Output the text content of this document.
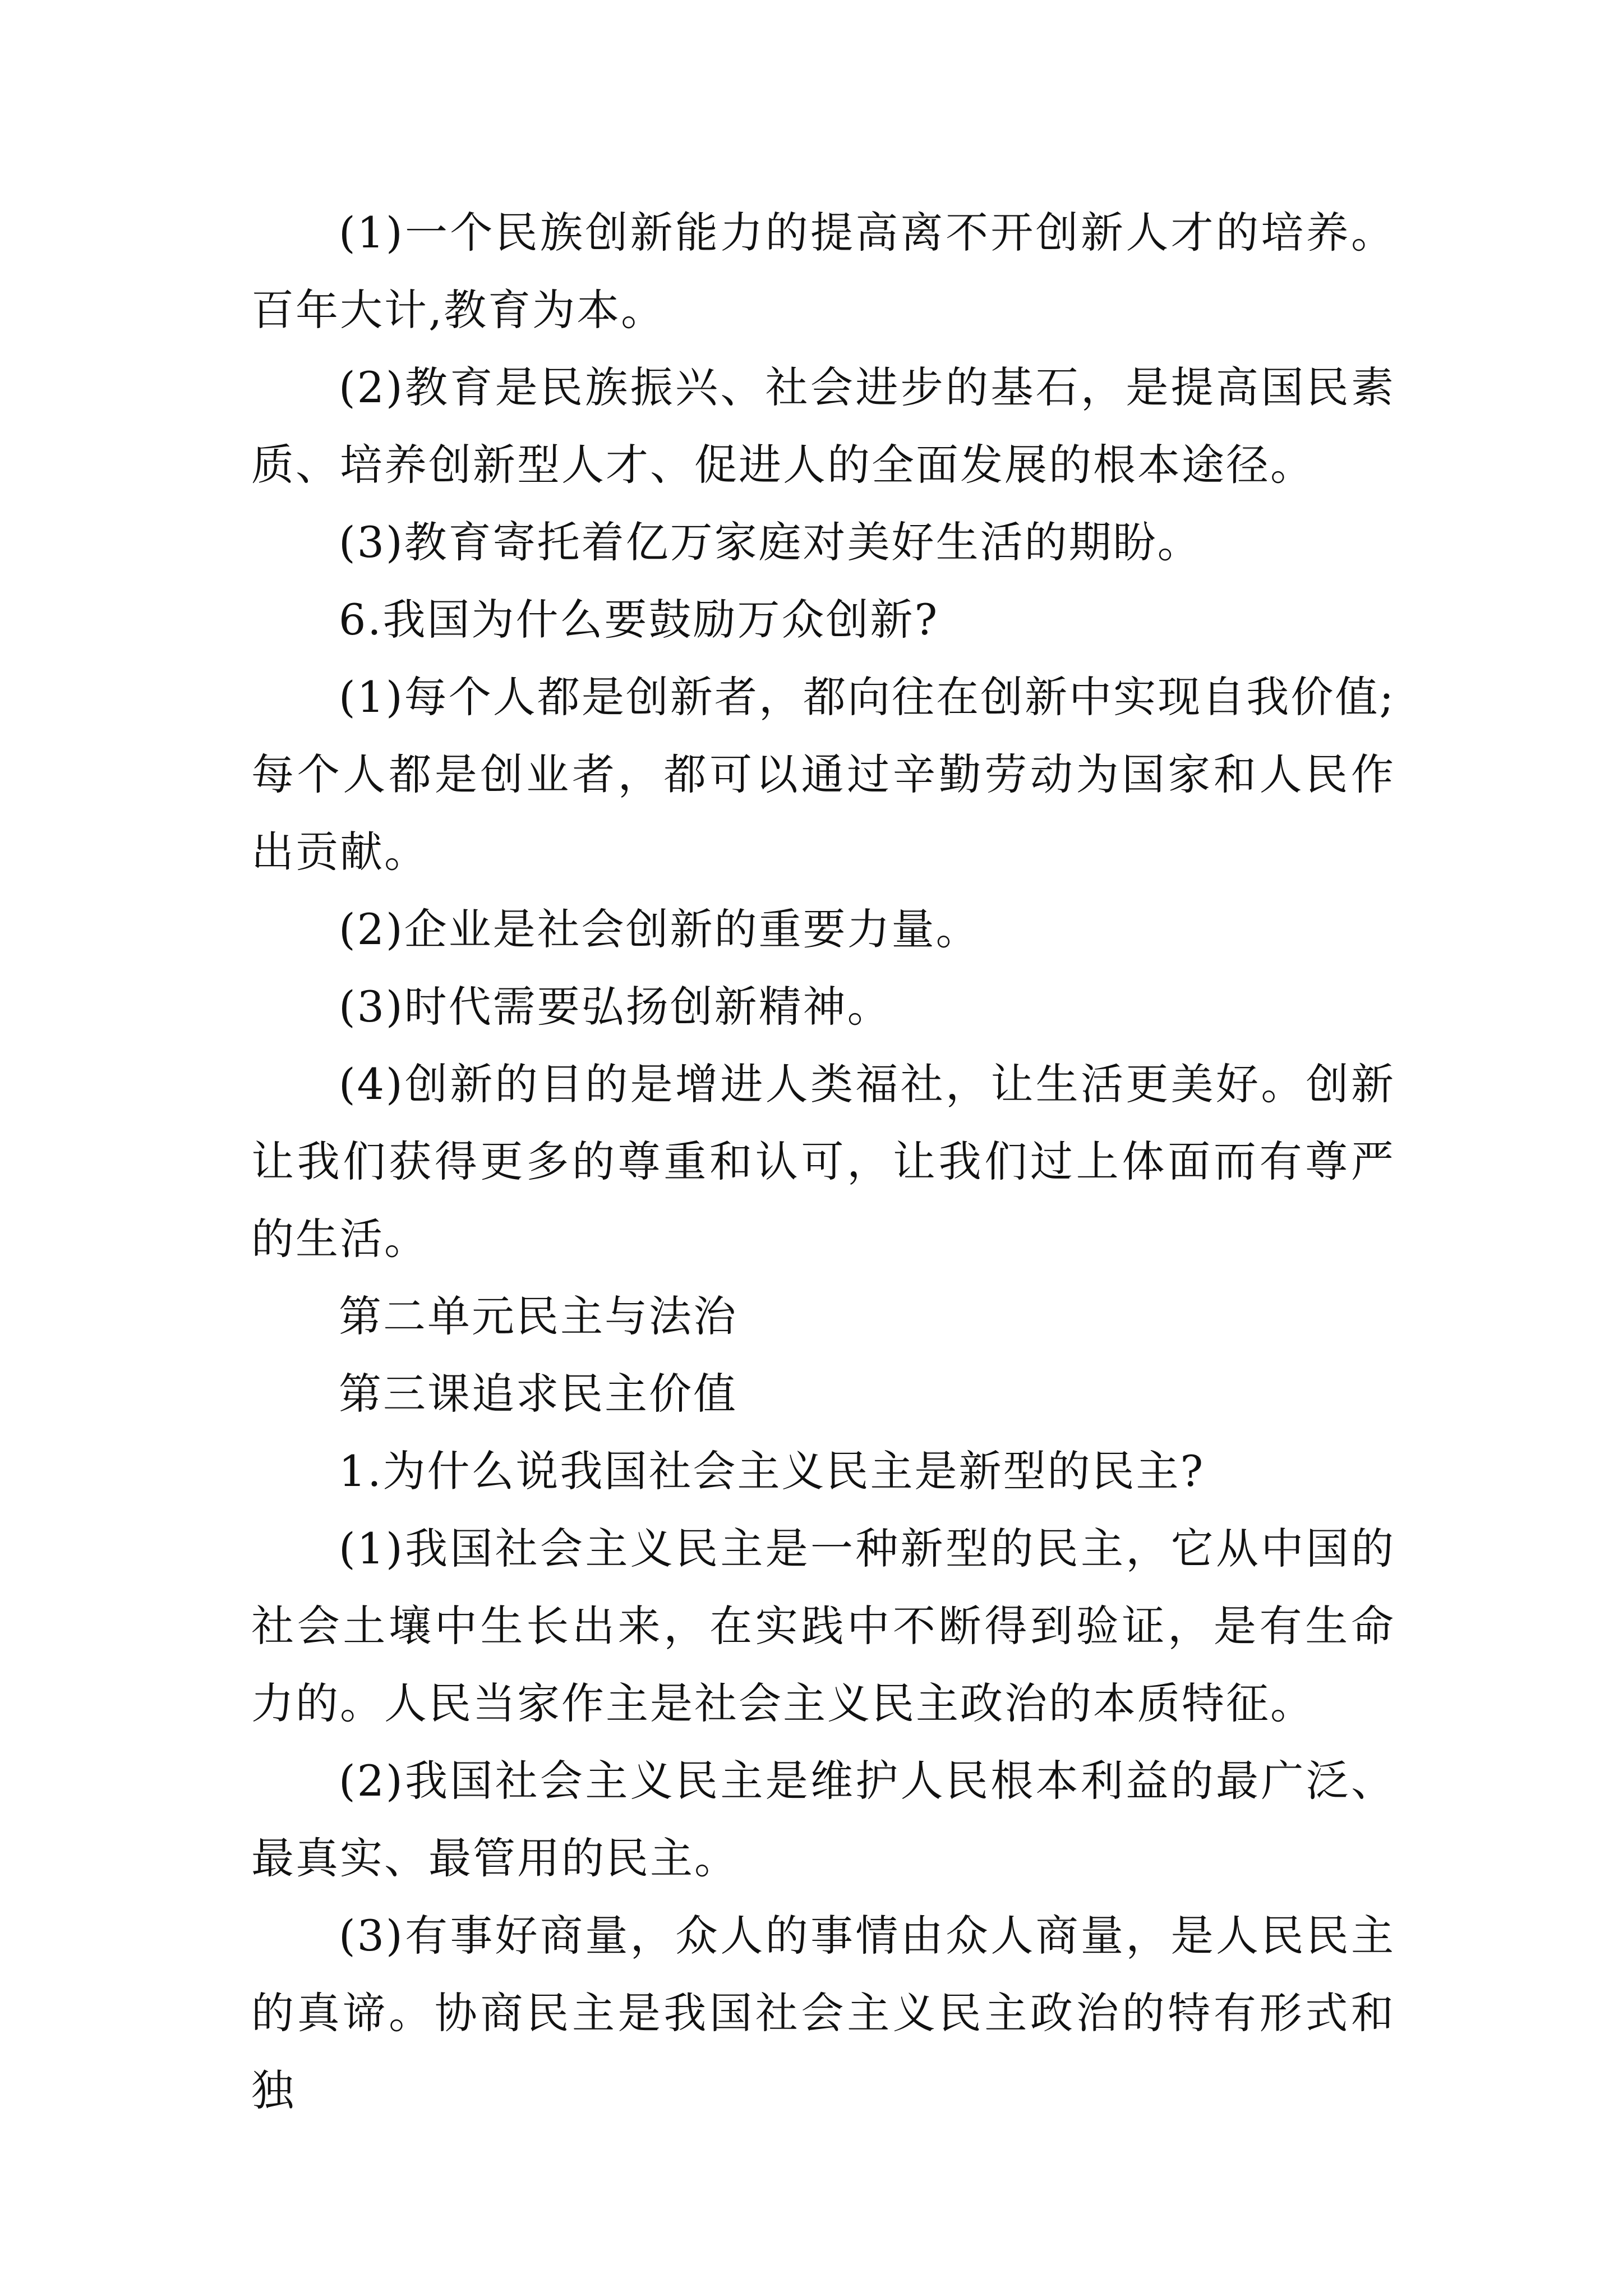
(1)一个民族创新能力的提高离不开创新人才的培养。百年大计,教育为本。

(2)教育是民族振兴、社会进步的基石，是提高国民素质、培养创新型人才、促进人的全面发展的根本途径。

(3)教育寄托着亿万家庭对美好生活的期盼。

6.我国为什么要鼓励万众创新?

(1)每个人都是创新者，都向往在创新中实现自我价值;每个人都是创业者，都可以通过辛勤劳动为国家和人民作出贡献。

(2)企业是社会创新的重要力量。

(3)时代需要弘扬创新精神。

(4)创新的目的是增进人类福社，让生活更美好。创新让我们获得更多的尊重和认可，让我们过上体面而有尊严的生活。

第二单元民主与法治

第三课追求民主价值

1.为什么说我国社会主义民主是新型的民主?

(1)我国社会主义民主是一种新型的民主，它从中国的社会土壤中生长出来，在实践中不断得到验证，是有生命力的。人民当家作主是社会主义民主政治的本质特征。

(2)我国社会主义民主是维护人民根本利益的最广泛、最真实、最管用的民主。

(3)有事好商量，众人的事情由众人商量，是人民民主的真谛。协商民主是我国社会主义民主政治的特有形式和独
